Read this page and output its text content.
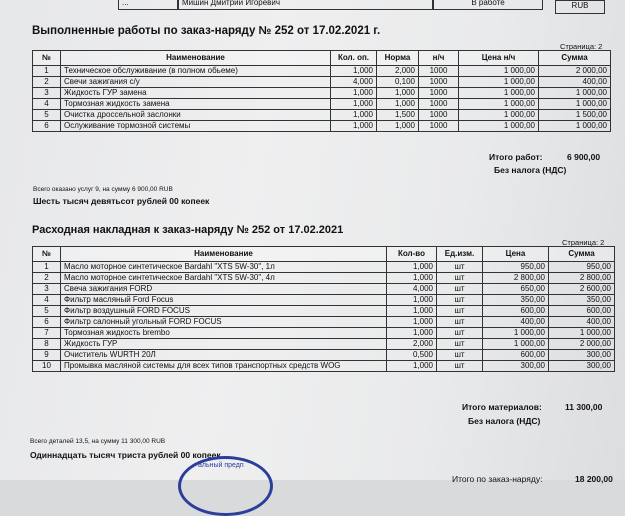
...	Мишин Дмитрий Игоревич	В работе	RUB
Выполненные работы по заказ-наряду № 252 от 17.02.2021 г.
Страница: 2
№	Наименование	Кол. оп.	Норма	н/ч	Цена н/ч	Сумма
1	Техническое обслуживание (в полном обьеме)	1,000	2,000	1000	1 000,00	2 000,00
2	Свечи зажигания с/у	4,000	0,100	1000	1 000,00	400,00
3	Жидкость ГУР замена	1,000	1,000	1000	1 000,00	1 000,00
4	Тормозная жидкость замена	1,000	1,000	1000	1 000,00	1 000,00
5	Очистка дроссельной заслонки	1,000	1,500	1000	1 000,00	1 500,00
6	Ослуживание тормозной системы	1,000	1,000	1000	1 000,00	1 000,00
Итого работ:	6 900,00
Без налога (НДС)
Всего оказано услуг 9, на сумму 6 900,00 RUB
Шесть тысяч девятьсот рублей 00 копеек
Расходная накладная к заказ-наряду № 252 от 17.02.2021
Страница: 2
№	Наименование	Кол-во	Ед.изм.	Цена	Сумма
1	Масло моторное синтетическое Bardahl "XTS 5W-30", 1л	1,000	шт	950,00	950,00
2	Масло моторное синтетическое Bardahl "XTS 5W-30", 4л	1,000	шт	2 800,00	2 800,00
3	Свеча зажигания FORD	4,000	шт	650,00	2 600,00
4	Фильтр масляный Ford Focus	1,000	шт	350,00	350,00
5	Фильтр воздушный FORD FOCUS	1,000	шт	600,00	600,00
6	Фильтр салонный угольный FORD FOCUS	1,000	шт	400,00	400,00
7	Тормозная жидкость brembo	1,000	шт	1 000,00	1 000,00
8	Жидкость ГУР	2,000	шт	1 000,00	2 000,00
9	Очиститель WURTH 20Л	0,500	шт	600,00	300,00
10	Промывка масляной системы для всех типов транспортных средств WOG	1,000	шт	300,00	300,00
Итого материалов:	11 300,00
Без налога (НДС)
Всего деталей 13,5, на сумму 11 300,00 RUB
Одиннадцать тысяч триста рублей 00 копеек
Итого по заказ-наряду:	18 200,00
альный предп
